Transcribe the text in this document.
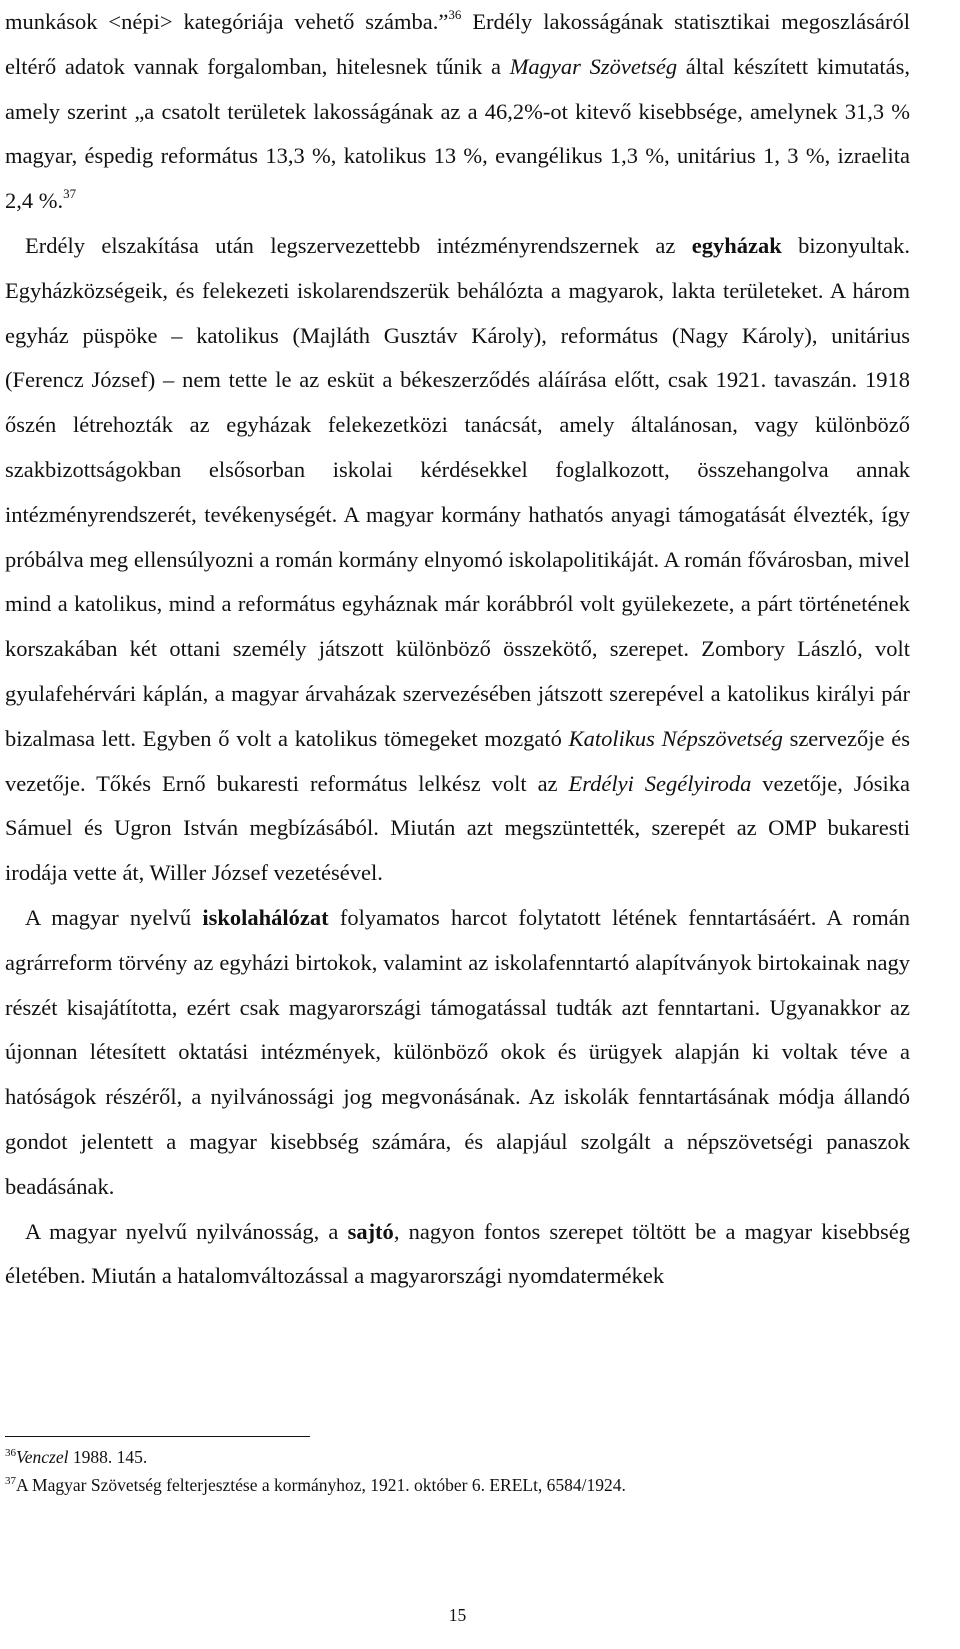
munkások <népi> kategóriája vehető számba.”$^{36}$ Erdély lakosságának statisztikai megoszlásáról eltérő adatok vannak forgalomban, hitelesnek tűnik a Magyar Szövetség által készített kimutatás, amely szerint „a csatolt területek lakosságának az a 46,2%-ot kitevő kisebbsége, amelynek 31,3 % magyar, éspedig református 13,3 %, katolikus 13 %, evangélikus 1,3 %, unitárius 1, 3 %, izraelita 2,4 %.$^{37}$

Erdély elszakítása után legszervezettebb intézményrendszernek az egyházak bizonyultak. Egyházközségeik, és felekezeti iskolarendszerük behálózta a magyarok, lakta területeket. A három egyház püspöke – katolikus (Majláth Gusztáv Károly), református (Nagy Károly), unitárius (Ferencz József) – nem tette le az esküt a békeszerződés aláírása előtt, csak 1921. tavaszán. 1918 őszén létrehozták az egyházak felekezetközi tanácsát, amely általánosan, vagy különböző szakbizottságokban elsősorban iskolai kérdésekkel foglalkozott, összehangolva annak intézményrendszerét, tevékenységét. A magyar kormány hathatós anyagi támogatását élvezték, így próbálva meg ellensúlyozni a román kormány elnyomó iskolapolitikáját. A román fővárosban, mivel mind a katolikus, mind a református egyháznak már korábbról volt gyülekezete, a párt történetének korszakában két ottani személy játszott különböző összekötő, szerepet. Zombory László, volt gyulafehérvári káplán, a magyar árvaházak szervezésében játszott szerepével a katolikus királyi pár bizalmasa lett. Egyben ő volt a katolikus tömegeket mozgató Katolikus Népszövetség szervezője és vezetője. Tőkés Ernő bukaresti református lelkész volt az Erdélyi Segélyiroda vezetője, Jósika Sámuel és Ugron István megbízásából. Miután azt megszüntették, szerepét az OMP bukaresti irodája vette át, Willer József vezetésével.

A magyar nyelvű iskolahálózat folyamatos harcot folytatott létének fenntartásáért. A román agrárreform törvény az egyházi birtokok, valamint az iskolafenntartó alapítványok birtokainak nagy részét kisajátította, ezért csak magyarországi támogatással tudták azt fenntartani. Ugyanakkor az újonnan létesített oktatási intézmények, különböző okok és ürügyek alapján ki voltak téve a hatóságok részéről, a nyilvánossági jog megvonásának. Az iskolák fenntartásának módja állandó gondot jelentett a magyar kisebbség számára, és alapjául szolgált a népszövetségi panaszok beadásának.

A magyar nyelvű nyilvánosság, a sajtó, nagyon fontos szerepet töltött be a magyar kisebbség életében. Miután a hatalomváltozással a magyarországi nyomdatermékek

$^{36}$Venczel 1988. 145.
$^{37}$A Magyar Szövetség felterjesztése a kormányhoz, 1921. október 6. ERELt, 6584/1924.
15
